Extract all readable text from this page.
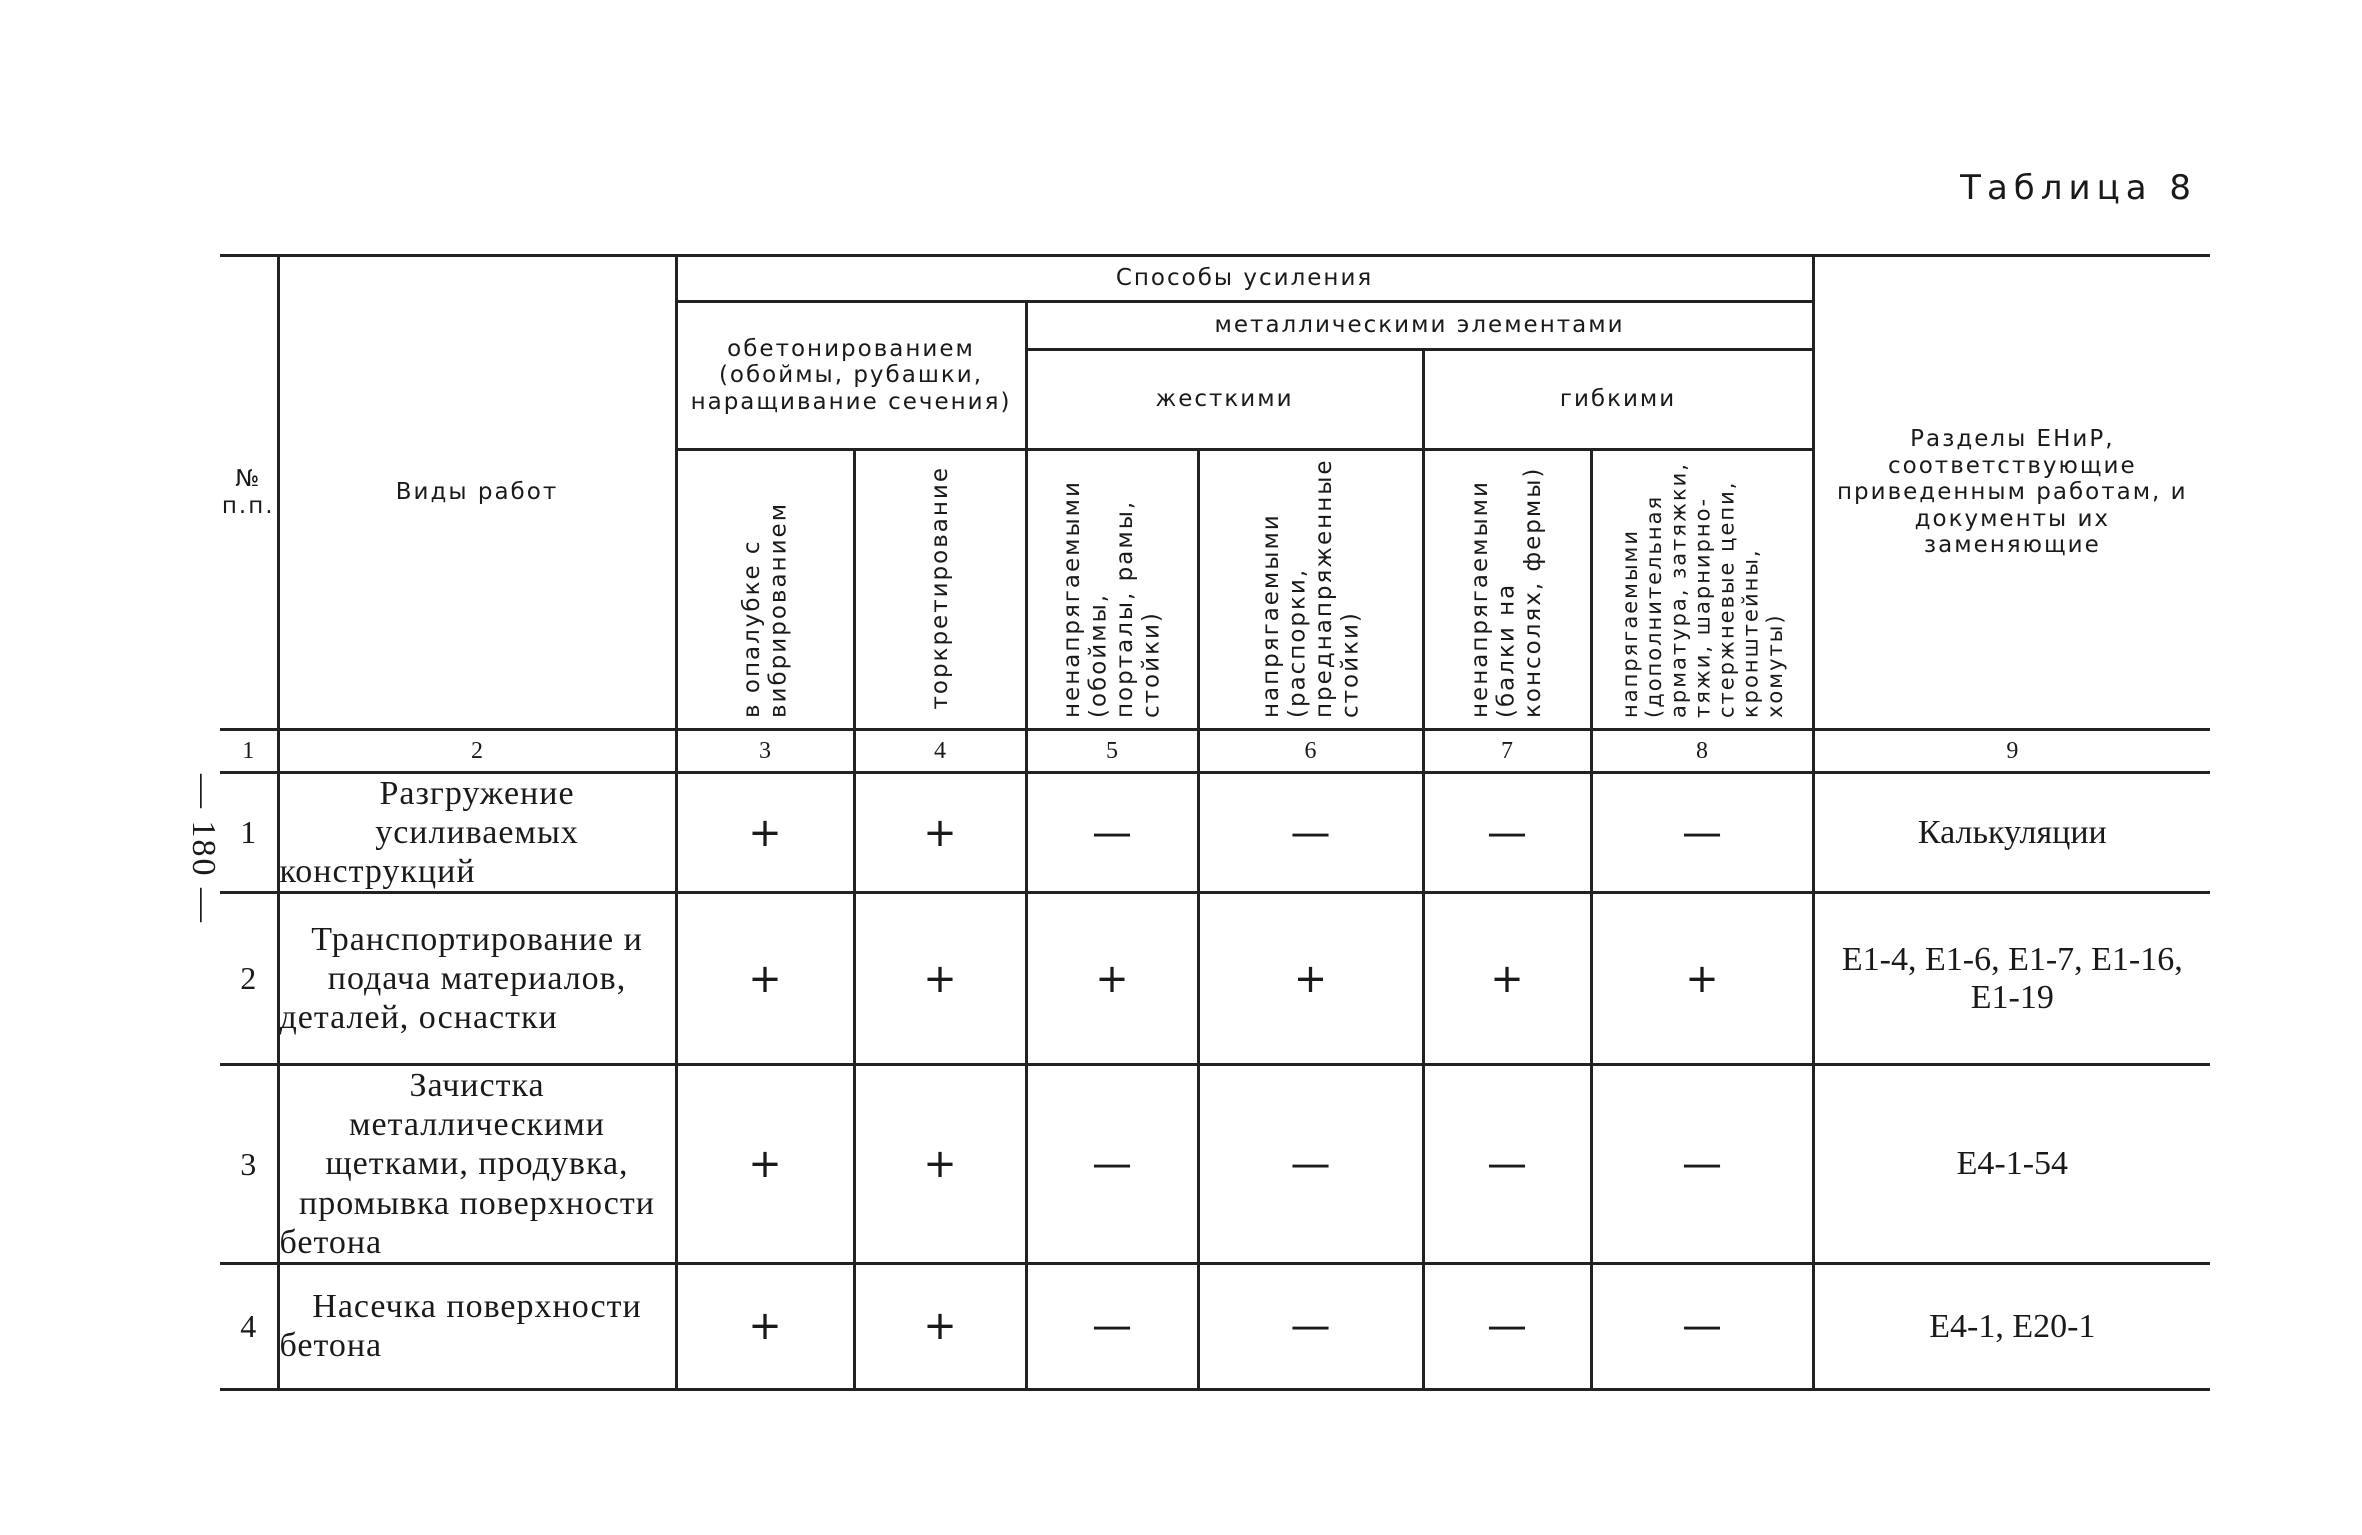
— 180 —
Таблица 8
№ п.п.	Виды работ	Способы усиления						Разделы ЕНиР, соответствующие приведенным работам, и документы их заменяющие
		обетонированием (обоймы, рубашки, наращивание сечения)		металлическими элементами				
				жесткими		гибкими		
		в опалубке с вибрированием	торкретирование	ненапрягаемыми (обоймы, порталы, рамы, стойки)	напрягаемыми (распорки, преднапряженные стойки)	ненапрягаемыми (балки на консолях, фермы)	напрягаемыми (дополнительная арматура, затяжки, тяжи, шарнирно-стержневые цепи, кронштейны, хомуты)	
1	2	3	4	5	6	7	8	9
1	Разгружение усиливаемых конструкций	+	+	—	—	—	—	Калькуляции
2	Транспортирование и подача материалов, деталей, оснастки	+	+	+	+	+	+	Е1-4, Е1-6, Е1-7, Е1-16, Е1-19
3	Зачистка металлическими щетками, продувка, промывка поверхности бетона	+	+	—	—	—	—	Е4-1-54
4	Насечка поверхности бетона	+	+	—	—	—	—	Е4-1, Е20-1
